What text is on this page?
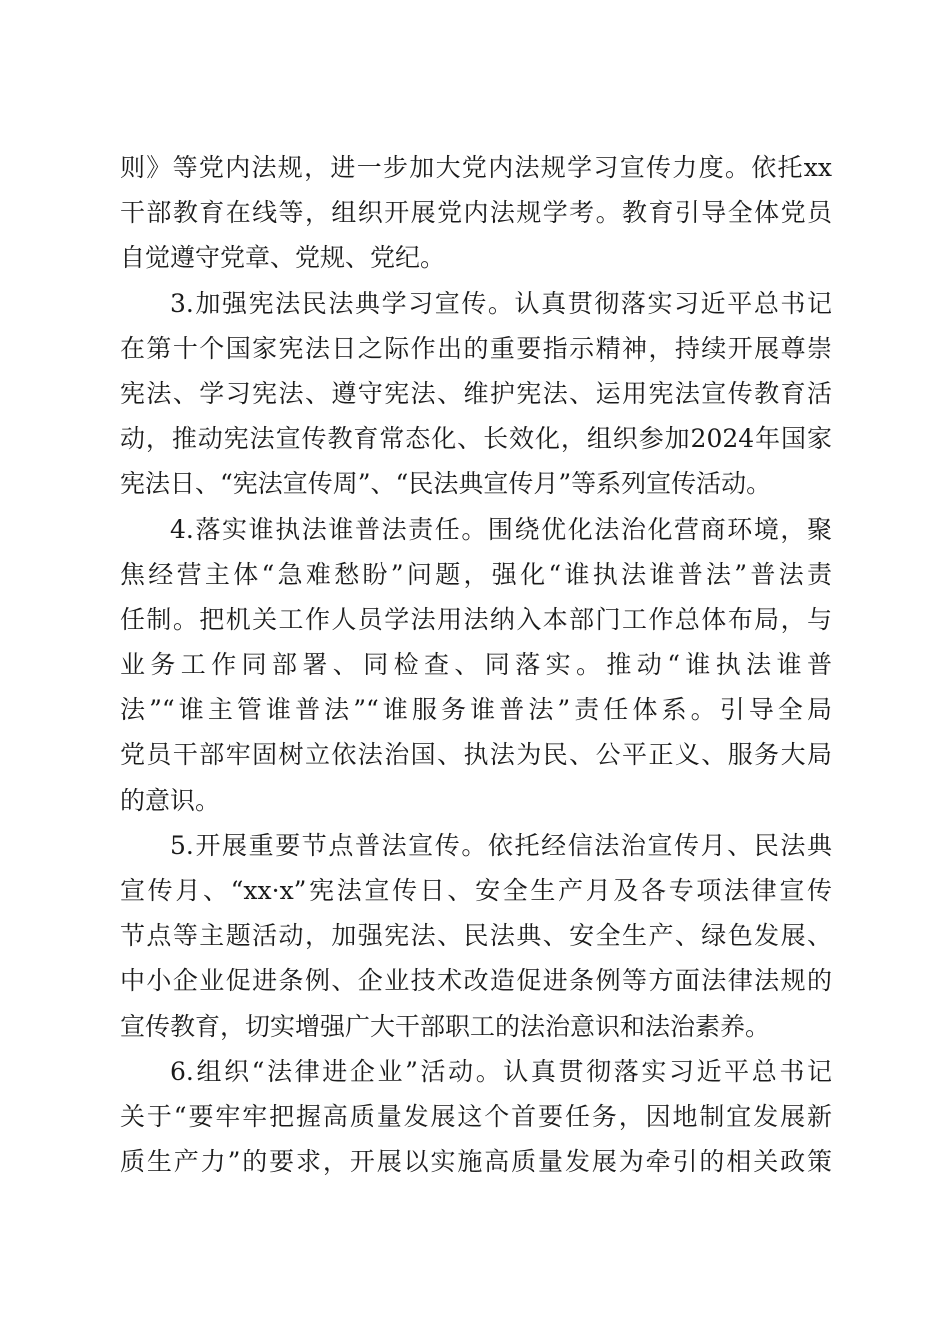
则》等党内法规，进一步加大党内法规学习宣传力度。依托xx
干部教育在线等，组织开展党内法规学考。教育引导全体党员
自觉遵守党章、党规、党纪。
3.加强宪法民法典学习宣传。认真贯彻落实习近平总书记
在第十个国家宪法日之际作出的重要指示精神，持续开展尊崇
宪法、学习宪法、遵守宪法、维护宪法、运用宪法宣传教育活
动，推动宪法宣传教育常态化、长效化，组织参加2024年国家
宪法日、“宪法宣传周”、“民法典宣传月”等系列宣传活动。
4.落实谁执法谁普法责任。围绕优化法治化营商环境，聚
焦经营主体“急难愁盼”问题，强化“谁执法谁普法”普法责
任制。把机关工作人员学法用法纳入本部门工作总体布局，与
业务工作同部署、同检查、同落实。推动“谁执法谁普
法”“谁主管谁普法”“谁服务谁普法”责任体系。引导全局
党员干部牢固树立依法治国、执法为民、公平正义、服务大局
的意识。
5.开展重要节点普法宣传。依托经信法治宣传月、民法典
宣传月、“xx·x”宪法宣传日、安全生产月及各专项法律宣传
节点等主题活动，加强宪法、民法典、安全生产、绿色发展、
中小企业促进条例、企业技术改造促进条例等方面法律法规的
宣传教育，切实增强广大干部职工的法治意识和法治素养。
6.组织“法律进企业”活动。认真贯彻落实习近平总书记
关于“要牢牢把握高质量发展这个首要任务，因地制宜发展新
质生产力”的要求，开展以实施高质量发展为牵引的相关政策
